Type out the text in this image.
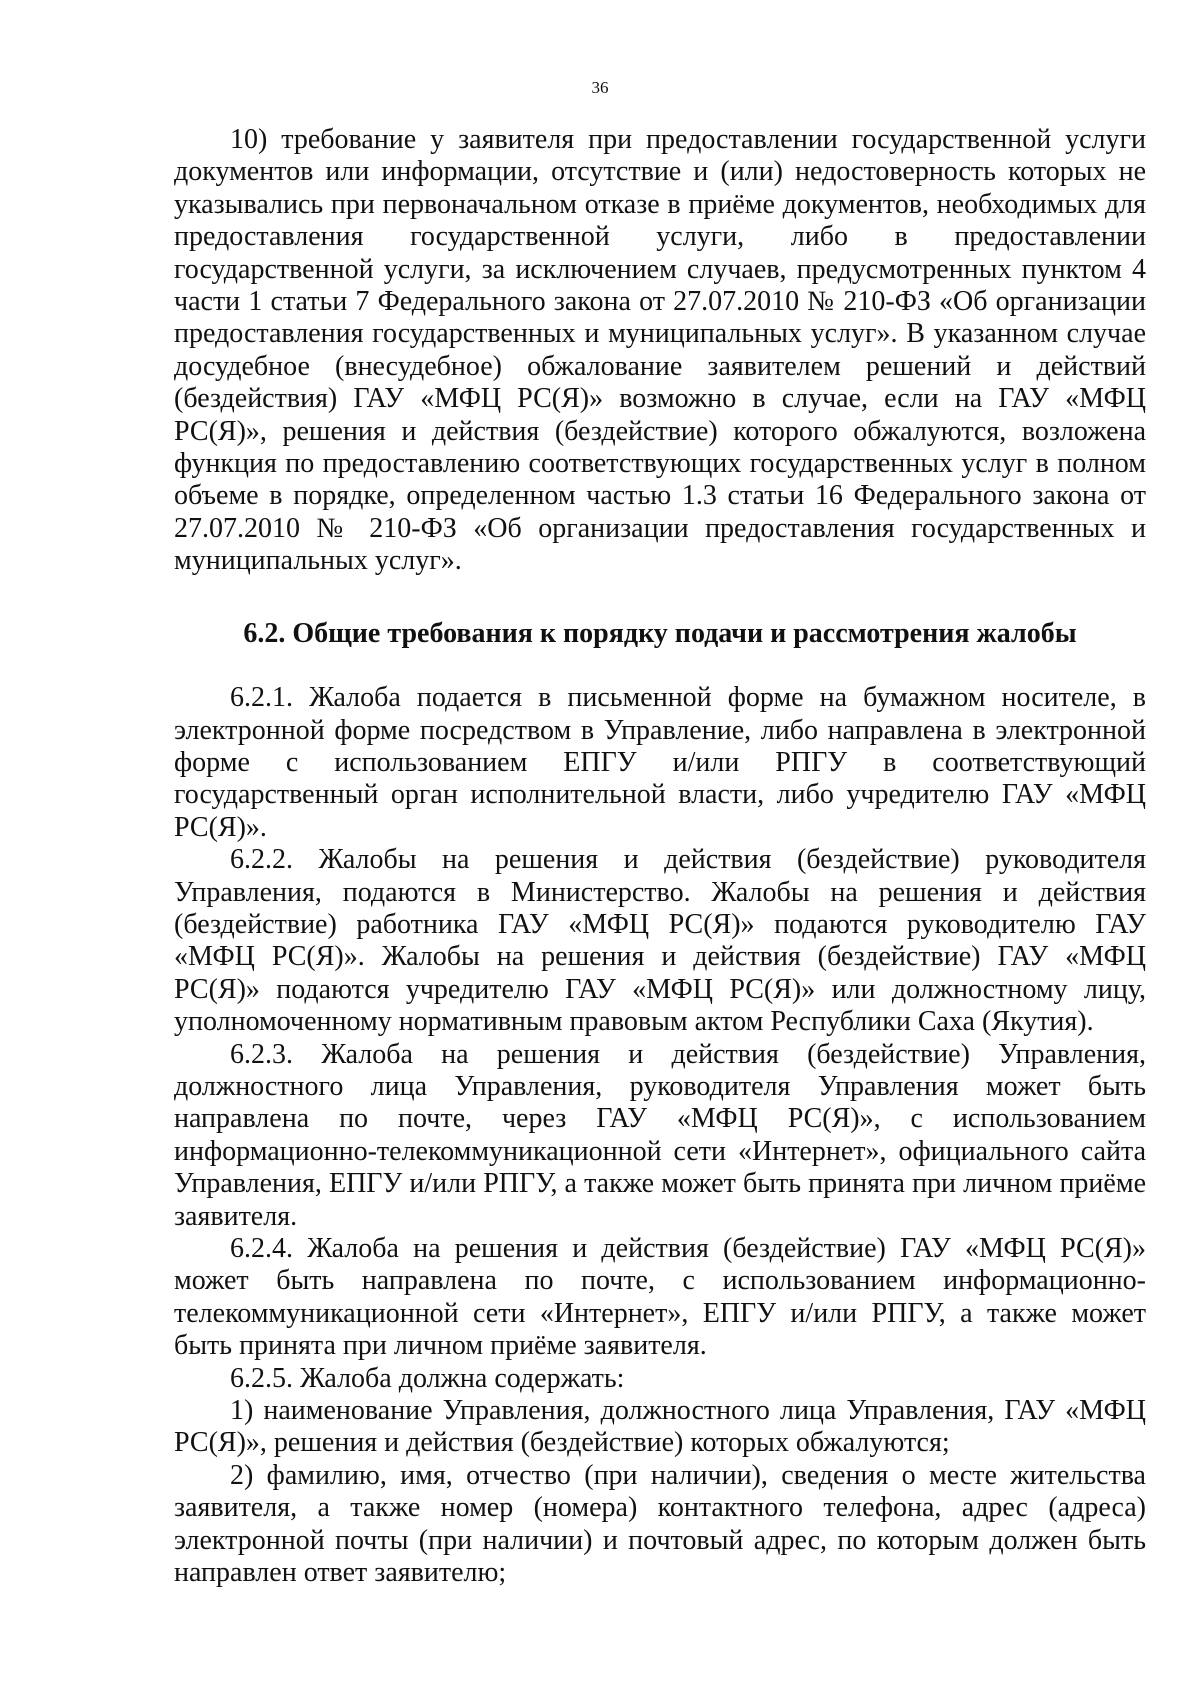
36

10) требование у заявителя при предоставлении государственной услуги документов или информации, отсутствие и (или) недостоверность которых не указывались при первоначальном отказе в приёме документов, необходимых для предоставления государственной услуги, либо в предоставлении государственной услуги, за исключением случаев, предусмотренных пунктом 4 части 1 статьи 7 Федерального закона от 27.07.2010 № 210-ФЗ «Об организации предоставления государственных и муниципальных услуг». В указанном случае досудебное (внесудебное) обжалование заявителем решений и действий (бездействия) ГАУ «МФЦ РС(Я)» возможно в случае, если на ГАУ «МФЦ РС(Я)», решения и действия (бездействие) которого обжалуются, возложена функция по предоставлению соответствующих государственных услуг в полном объеме в порядке, определенном частью 1.3 статьи 16 Федерального закона от 27.07.2010 № 210-ФЗ «Об организации предоставления государственных и муниципальных услуг».

6.2. Общие требования к порядку подачи и рассмотрения жалобы

6.2.1. Жалоба подается в письменной форме на бумажном носителе, в электронной форме посредством в Управление, либо направлена в электронной форме с использованием ЕПГУ и/или РПГУ в соответствующий государственный орган исполнительной власти, либо учредителю ГАУ «МФЦ РС(Я)».

6.2.2. Жалобы на решения и действия (бездействие) руководителя Управления, подаются в Министерство. Жалобы на решения и действия (бездействие) работника ГАУ «МФЦ РС(Я)» подаются руководителю ГАУ «МФЦ РС(Я)». Жалобы на решения и действия (бездействие) ГАУ «МФЦ РС(Я)» подаются учредителю ГАУ «МФЦ РС(Я)» или должностному лицу, уполномоченному нормативным правовым актом Республики Саха (Якутия).

6.2.3. Жалоба на решения и действия (бездействие) Управления, должностного лица Управления, руководителя Управления может быть направлена по почте, через ГАУ «МФЦ РС(Я)», с использованием информационно-телекоммуникационной сети «Интернет», официального сайта Управления, ЕПГУ и/или РПГУ, а также может быть принята при личном приёме заявителя.

6.2.4. Жалоба на решения и действия (бездействие) ГАУ «МФЦ РС(Я)» может быть направлена по почте, с использованием информационно-телекоммуникационной сети «Интернет», ЕПГУ и/или РПГУ, а также может быть принята при личном приёме заявителя.

6.2.5. Жалоба должна содержать:

1) наименование Управления, должностного лица Управления, ГАУ «МФЦ РС(Я)», решения и действия (бездействие) которых обжалуются;

2) фамилию, имя, отчество (при наличии), сведения о месте жительства заявителя, а также номер (номера) контактного телефона, адрес (адреса) электронной почты (при наличии) и почтовый адрес, по которым должен быть направлен ответ заявителю;
